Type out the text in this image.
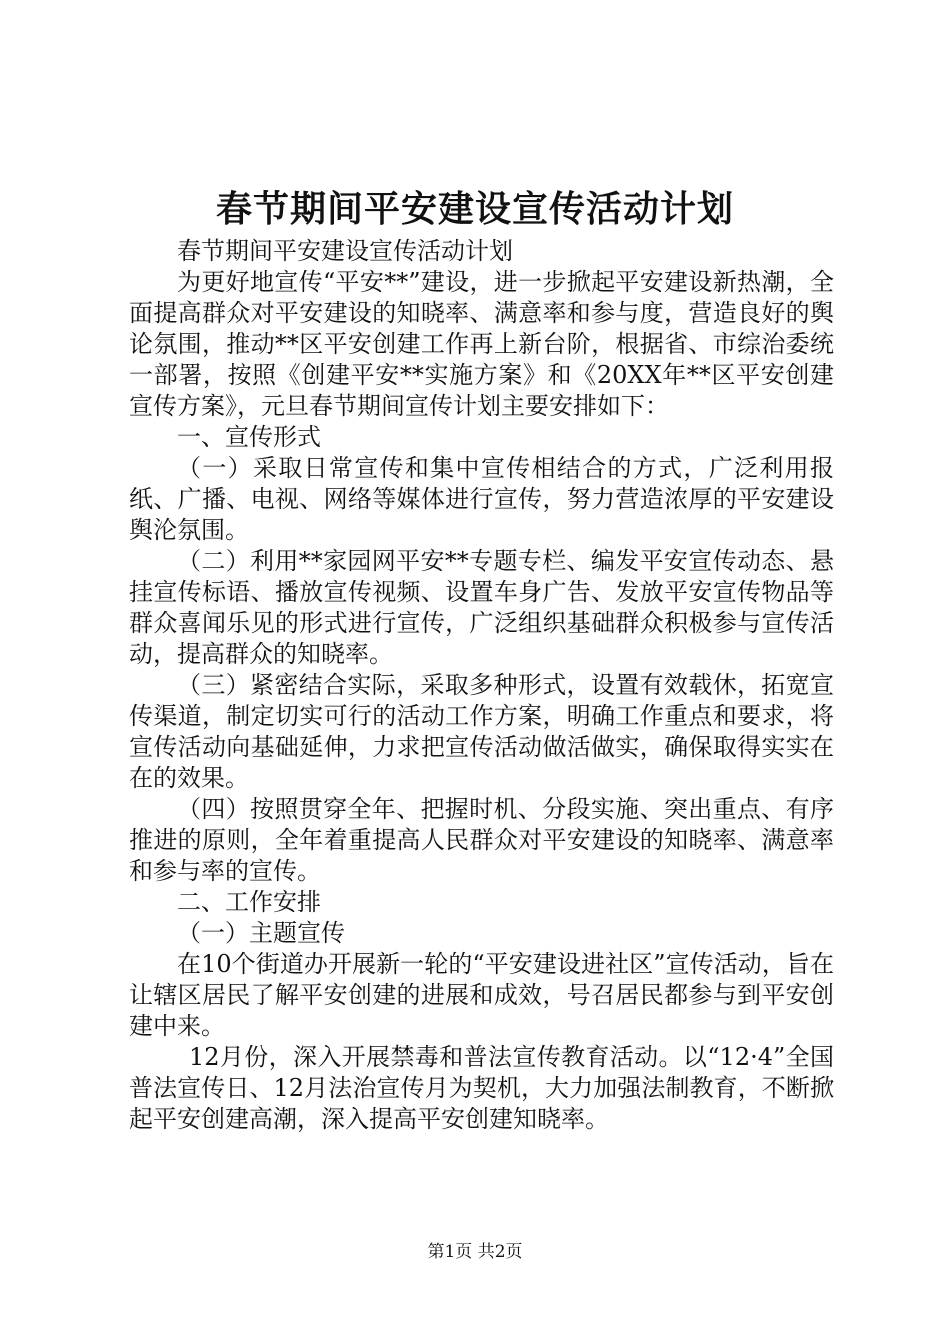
春节期间平安建设宣传活动计划

春节期间平安建设宣传活动计划

为更好地宣传“平安**”建设，进一步掀起平安建设新热潮，全面提高群众对平安建设的知晓率、满意率和参与度，营造良好的舆论氛围，推动**区平安创建工作再上新台阶，根据省、市综治委统一部署，按照《创建平安**实施方案》和《20XX年**区平安创建宣传方案》，元旦春节期间宣传计划主要安排如下：

一、宣传形式

（一）采取日常宣传和集中宣传相结合的方式，广泛利用报纸、广播、电视、网络等媒体进行宣传，努力营造浓厚的平安建设舆沦氛围。

（二）利用**家园网平安**专题专栏、编发平安宣传动态、悬挂宣传标语、播放宣传视频、设置车身广告、发放平安宣传物品等群众喜闻乐见的形式进行宣传，广泛组织基础群众积极参与宣传活动，提高群众的知晓率。

（三）紧密结合实际，采取多种形式，设置有效载休，拓宽宣传渠道，制定切实可行的活动工作方案，明确工作重点和要求，将宣传活动向基础延伸，力求把宣传活动做活做实，确保取得实实在在的效果。

（四）按照贯穿全年、把握时机、分段实施、突出重点、有序推进的原则，全年着重提高人民群众对平安建设的知晓率、满意率和参与率的宣传。

二、工作安排

（一）主题宣传

在10个街道办开展新一轮的“平安建设进社区”宣传活动，旨在让辖区居民了解平安创建的进展和成效，号召居民都参与到平安创建中来。

12月份，深入开展禁毒和普法宣传教育活动。以“12·4”全国普法宣传日、12月法治宣传月为契机，大力加强法制教育，不断掀起平安创建高潮，深入提高平安创建知晓率。

第1页 共2页
